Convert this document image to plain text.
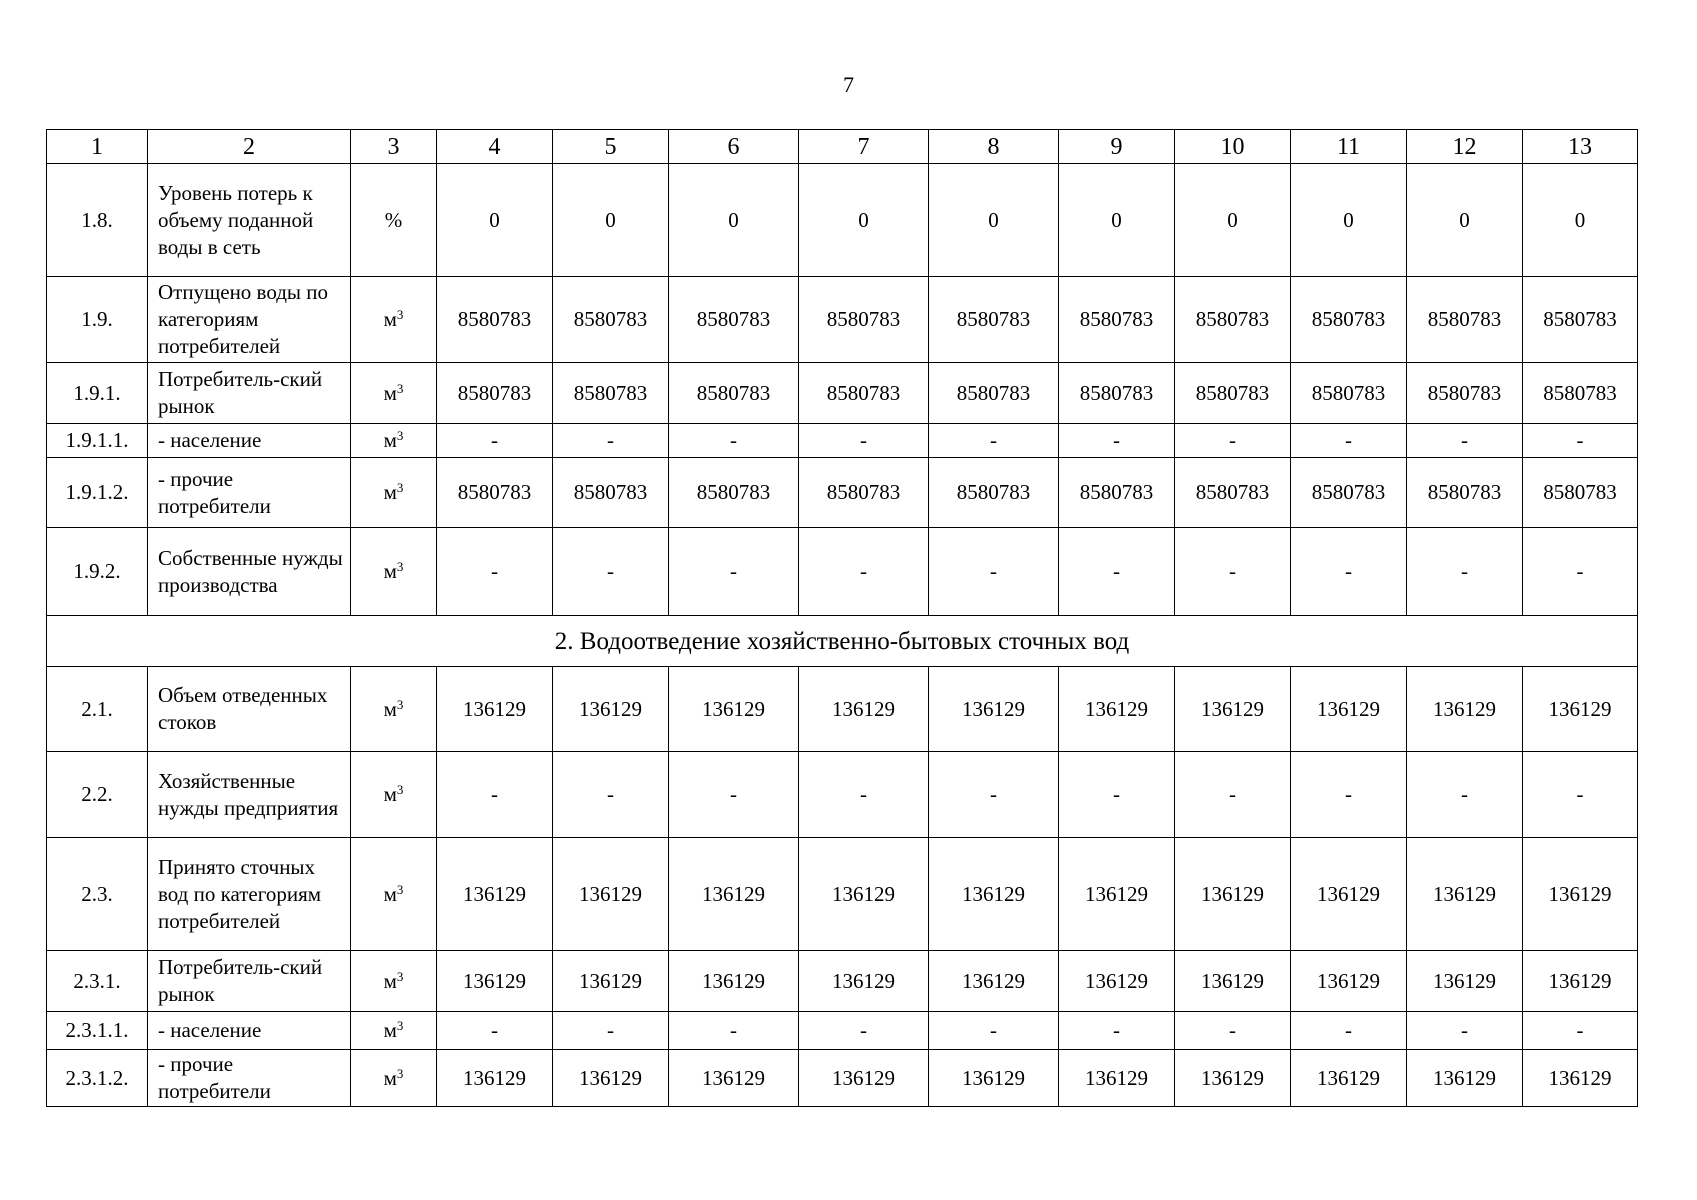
7
1	2	3	4	5	6	7	8	9	10	11	12	13
1.8.	Уровень потерь к объему поданной воды в сеть	%	0	0	0	0	0	0	0	0	0	0
1.9.	Отпущено воды по категориям потребителей	$м^3$	8580783	8580783	8580783	8580783	8580783	8580783	8580783	8580783	8580783	8580783
1.9.1.	Потребитель-ский рынок	$м^3$	8580783	8580783	8580783	8580783	8580783	8580783	8580783	8580783	8580783	8580783
1.9.1.1.	- население	$м^3$	-	-	-	-	-	-	-	-	-	-
1.9.1.2.	- прочие потребители	$м^3$	8580783	8580783	8580783	8580783	8580783	8580783	8580783	8580783	8580783	8580783
1.9.2.	Собственные нужды производства	$м^3$	-	-	-	-	-	-	-	-	-	-
2. Водоотведение хозяйственно-бытовых сточных вод												
2.1.	Объем отведенных стоков	$м^3$	136129	136129	136129	136129	136129	136129	136129	136129	136129	136129
2.2.	Хозяйственные нужды предприятия	$м^3$	-	-	-	-	-	-	-	-	-	-
2.3.	Принято сточных вод по категориям потребителей	$м^3$	136129	136129	136129	136129	136129	136129	136129	136129	136129	136129
2.3.1.	Потребитель-ский рынок	$м^3$	136129	136129	136129	136129	136129	136129	136129	136129	136129	136129
2.3.1.1.	- население	$м^3$	-	-	-	-	-	-	-	-	-	-
2.3.1.2.	- прочие потребители	$м^3$	136129	136129	136129	136129	136129	136129	136129	136129	136129	136129
